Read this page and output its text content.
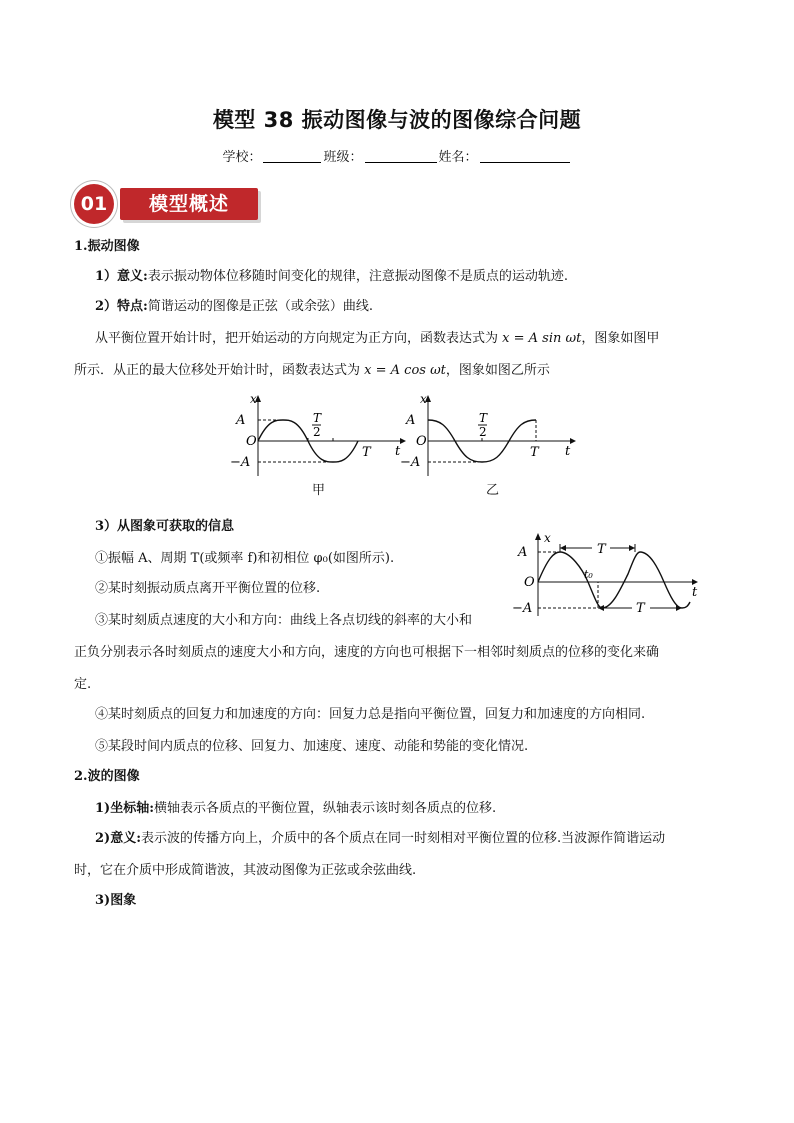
模型 38 振动图像与波的图像综合问题
学校：	班级：	姓名：
01	模型概述
1.振动图像
1）意义:表示振动物体位移随时间变化的规律，注意振动图像不是质点的运动轨迹.
2）特点:简谐运动的图像是正弦（或余弦）曲线.
从平衡位置开始计时，把开始运动的方向规定为正方向，函数表达式为 x = A sin ωt，图象如图甲
所示．从正的最大位移处开始计时，函数表达式为 x = A cos ωt，图象如图乙所示
A
−A
O
x
t
T
T
2
甲
A
−A
O
x
t
T
T
2
乙
3）从图象可获取的信息
①振幅 A、周期 T(或频率 f)和初相位 φ₀(如图所示).
②某时刻振动质点离开平衡位置的位移.
③某时刻质点速度的大小和方向：曲线上各点切线的斜率的大小和
正负分别表示各时刻质点的速度大小和方向，速度的方向也可根据下一相邻时刻质点的位移的变化来确
定.
A
−A
O
x
t
T
T
t₀
④某时刻质点的回复力和加速度的方向：回复力总是指向平衡位置，回复力和加速度的方向相同.
⑤某段时间内质点的位移、回复力、加速度、速度、动能和势能的变化情况.
2.波的图像
1)坐标轴:横轴表示各质点的平衡位置，纵轴表示该时刻各质点的位移.
2)意义:表示波的传播方向上，介质中的各个质点在同一时刻相对平衡位置的位移.当波源作简谐运动
时，它在介质中形成简谐波，其波动图像为正弦或余弦曲线.
3)图象
